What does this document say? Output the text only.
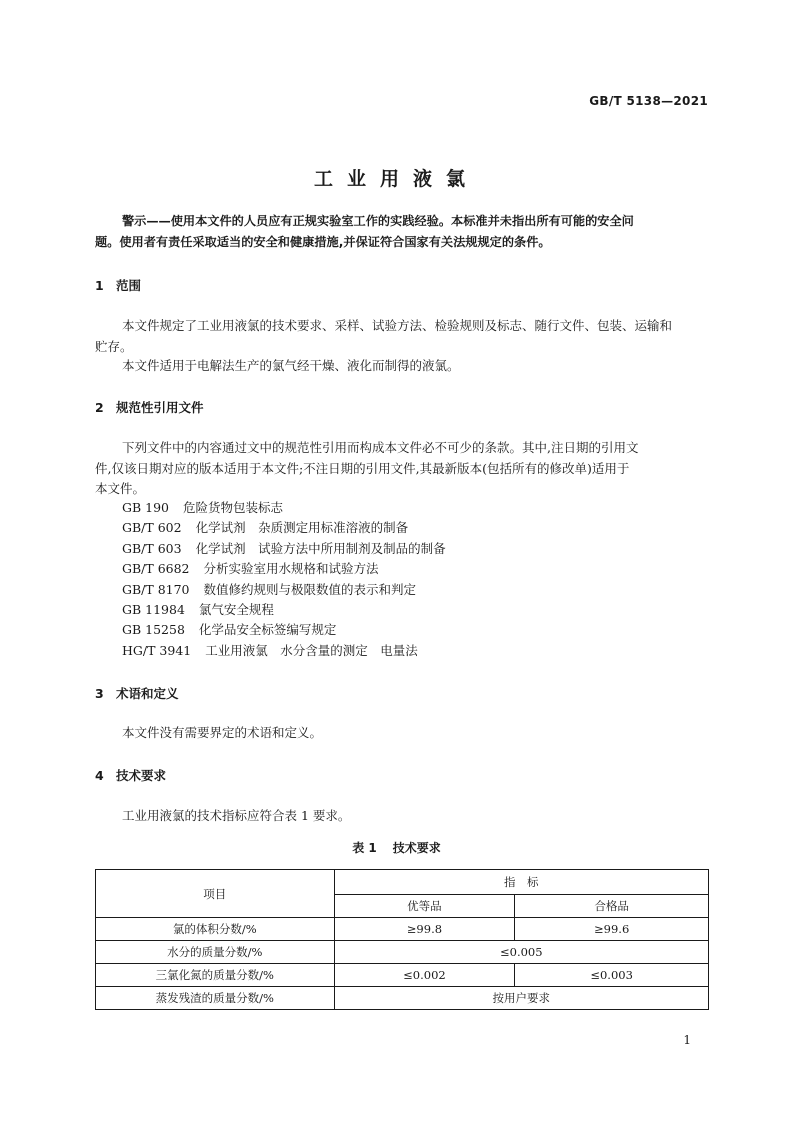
GB/T 5138—2021
工业用液氯
警示——使用本文件的人员应有正规实验室工作的实践经验。本标准并未指出所有可能的安全问
题。使用者有责任采取适当的安全和健康措施,并保证符合国家有关法规规定的条件。
1 范围
本文件规定了工业用液氯的技术要求、采样、试验方法、检验规则及标志、随行文件、包装、运输和
贮存。
本文件适用于电解法生产的氯气经干燥、液化而制得的液氯。
2 规范性引用文件
下列文件中的内容通过文中的规范性引用而构成本文件必不可少的条款。其中,注日期的引用文
件,仅该日期对应的版本适用于本文件;不注日期的引用文件,其最新版本(包括所有的修改单)适用于
本文件。
GB 190 危险货物包装标志
GB/T 602 化学试剂　杂质测定用标准溶液的制备
GB/T 603 化学试剂　试验方法中所用制剂及制品的制备
GB/T 6682 分析实验室用水规格和试验方法
GB/T 8170 数值修约规则与极限数值的表示和判定
GB 11984 氯气安全规程
GB 15258 化学品安全标签编写规定
HG/T 3941 工业用液氯　水分含量的测定　电量法
3 术语和定义
本文件没有需要界定的术语和定义。
4 技术要求
工业用液氯的技术指标应符合表 1 要求。
表 1 技术要求
项目	指　标	
	优等品	合格品
氯的体积分数/%	≥99.8	≥99.6
水分的质量分数/%	≤0.005	
三氯化氮的质量分数/%	≤0.002	≤0.003
蒸发残渣的质量分数/%	按用户要求	
1
